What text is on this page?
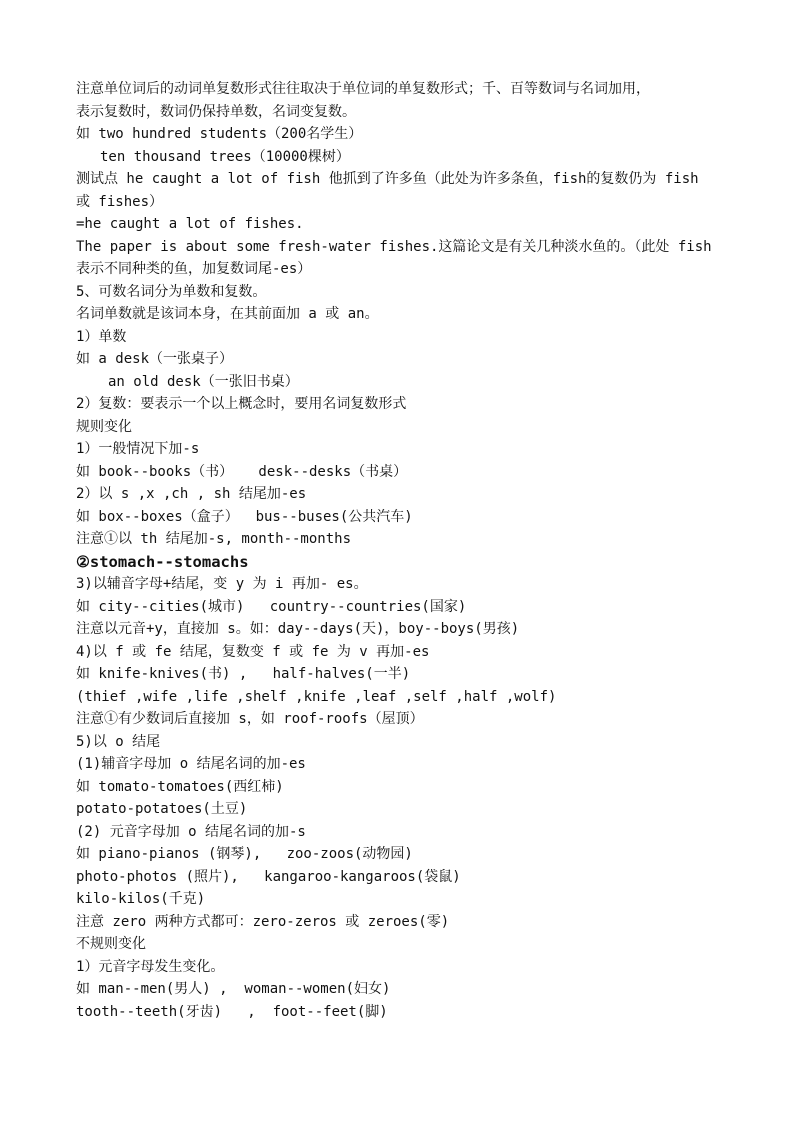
注意单位词后的动词单复数形式往往取决于单位词的单复数形式；千、百等数词与名词加用，
表示复数时，数词仍保持单数，名词变复数。
如 two hundred students（200名学生）
ten thousand trees（10000棵树）
测试点 he caught a lot of fish 他抓到了许多鱼（此处为许多条鱼，fish的复数仍为 fish
或 fishes）
=he caught a lot of fishes.
The paper is about some fresh-water fishes.这篇论文是有关几种淡水鱼的。（此处 fish
表示不同种类的鱼，加复数词尾-es）
5、可数名词分为单数和复数。
名词单数就是该词本身，在其前面加 a 或 an。
1）单数
如 a desk（一张桌子）
an old desk（一张旧书桌）
2）复数：要表示一个以上概念时，要用名词复数形式
规则变化
1）一般情况下加-s
如 book--books（书）   desk--desks（书桌）
2）以 s ,x ,ch , sh 结尾加-es
如 box--boxes（盒子）  bus--buses(公共汽车)
注意①以 th 结尾加-s, month--months
②stomach--stomachs
3)以辅音字母+结尾，变 y 为 i 再加- es。
如 city--cities(城市)   country--countries(国家)
注意以元音+y，直接加 s。如：day--days(天)，boy--boys(男孩)
4)以 f 或 fe 结尾，复数变 f 或 fe 为 v 再加-es
如 knife-knives(书) ,   half-halves(一半)
(thief ,wife ,life ,shelf ,knife ,leaf ,self ,half ,wolf)
注意①有少数词后直接加 s，如 roof-roofs（屋顶）
5)以 o 结尾
(1)辅音字母加 o 结尾名词的加-es
如 tomato-tomatoes(西红柿)
potato-potatoes(土豆)
(2) 元音字母加 o 结尾名词的加-s
如 piano-pianos (钢琴),   zoo-zoos(动物园)
photo-photos (照片),   kangaroo-kangaroos(袋鼠)
kilo-kilos(千克)
注意 zero 两种方式都可：zero-zeros 或 zeroes(零)
不规则变化
1）元音字母发生变化。
如 man--men(男人) ,  woman--women(妇女)
tooth--teeth(牙齿)   ,  foot--feet(脚)
